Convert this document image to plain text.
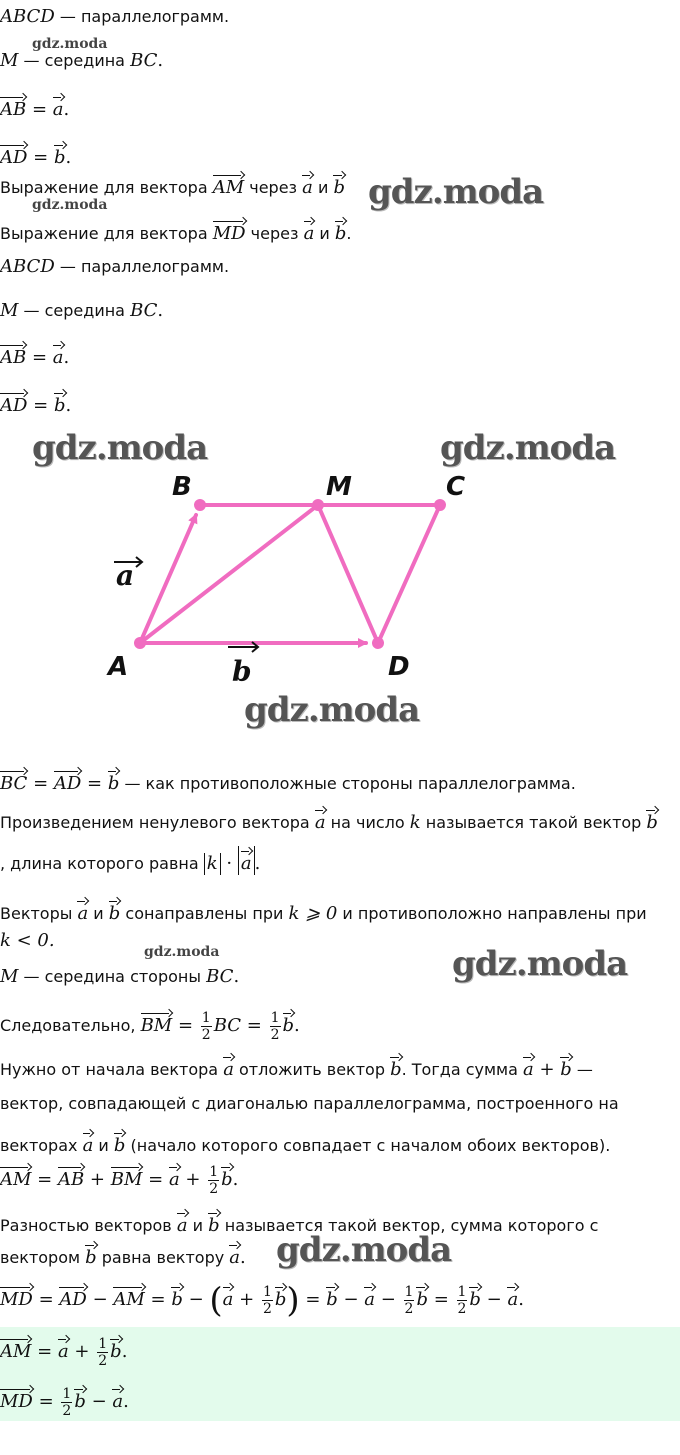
ABCD — параллелограмм.
M — середина BC.
AB = a.
AD = b.
Выражение для вектора AM через a и b
Выражение для вектора MD через a и b.
ABCD — параллелограмм.
M — середина BC.
AB = a.
AD = b.
B	M	C
A	D
a
b
BC = AD = b — как противоположные стороны параллелограмма.
Произведением ненулевого вектора a на число k называется такой вектор b
, длина которого равна k · a .
Векторы a и b сонаправлены при k ⩾ 0 и противоположно направлены при
k < 0.
M — середина стороны BC.
Следовательно, BM = $\frac{1}{2}$ BC = $\frac{1}{2} b$.
Нужно от начала вектора a отложить вектор b. Тогда сумма a + b —
вектор, совпадающей с диагональю параллелограмма, построенного на
векторах a и b (начало которого совпадает с началом обоих векторов).
AM = AB + BM = $a + \frac{1}{2} b$.
Разностью векторов a и b называется такой вектор, сумма которого с
вектором b равна вектору a.
MD = AD − AM = $b - (a + \frac{1}{2} b) = b - a - \frac{1}{2}$ $b = \frac{1}{2}$ b − a.
AM = $a + \frac{1}{2} b$.
MD = $\frac{1}{2}$ b − a.
gdz.moda
gdz.moda
gdz.moda
gdz.moda	gdz.moda
gdz.moda
gdz.moda	gdz.moda
gdz.moda
